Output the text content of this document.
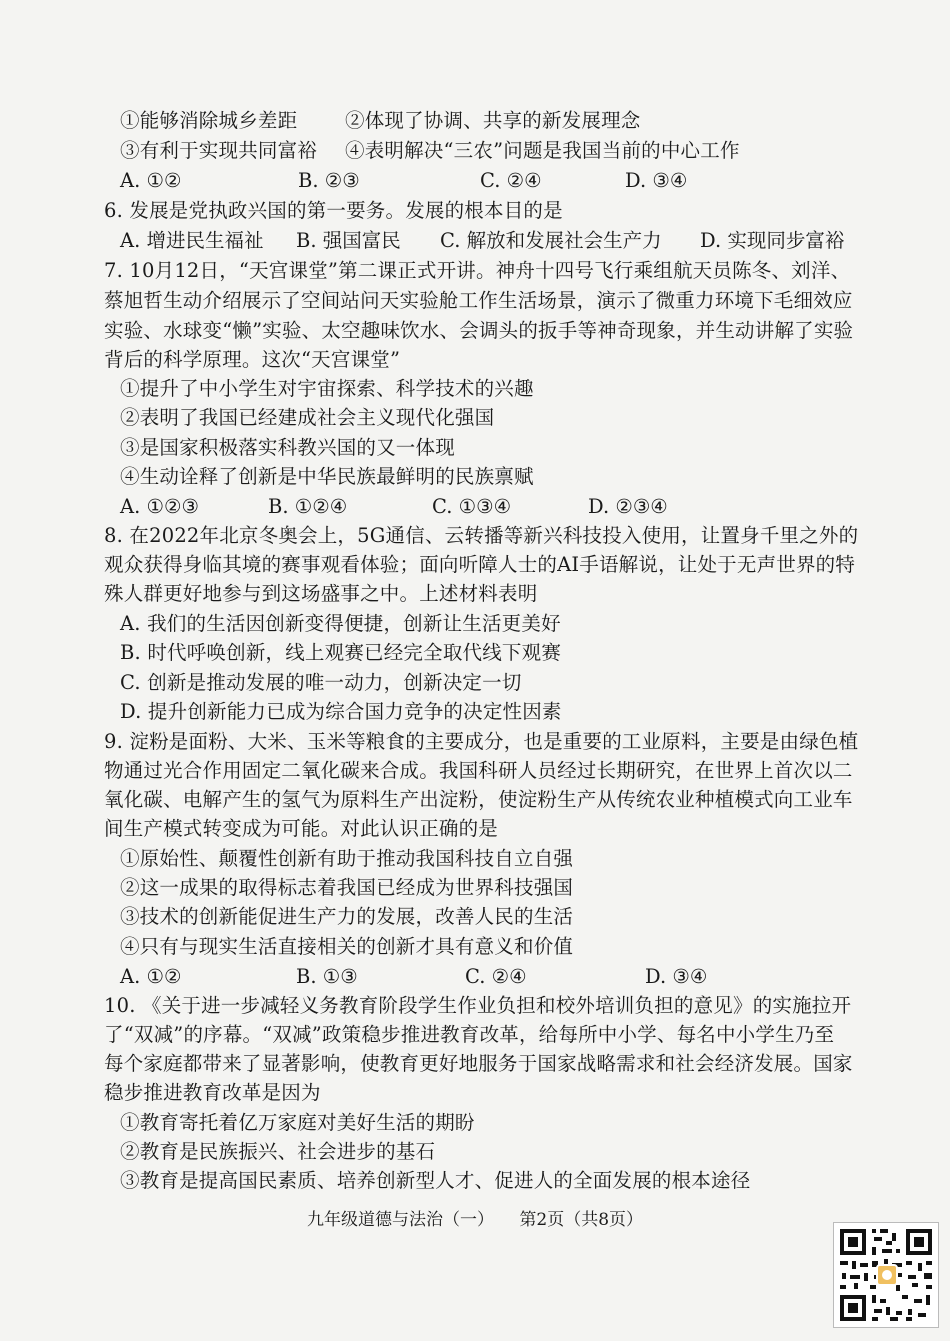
①能够消除城乡差距 ②体现了协调、共享的新发展理念
③有利于实现共同富裕 ④表明解决“三农”问题是我国当前的中心工作
A. ①②	B. ②③	C. ②④	D. ③④
6. 发展是党执政兴国的第一要务。发展的根本目的是
A. 增进民生福祉 B. 强国富民 C. 解放和发展社会生产力 D. 实现同步富裕
7. 10月12日，“天宫课堂”第二课正式开讲。神舟十四号飞行乘组航天员陈冬、刘洋、
蔡旭哲生动介绍展示了空间站问天实验舱工作生活场景，演示了微重力环境下毛细效应
实验、水球变“懒”实验、太空趣味饮水、会调头的扳手等神奇现象，并生动讲解了实验
背后的科学原理。这次“天宫课堂”
①提升了中小学生对宇宙探索、科学技术的兴趣
②表明了我国已经建成社会主义现代化强国
③是国家积极落实科教兴国的又一体现
④生动诠释了创新是中华民族最鲜明的民族禀赋
A. ①②③	B. ①②④	C. ①③④	D. ②③④
8. 在2022年北京冬奥会上，5G通信、云转播等新兴科技投入使用，让置身千里之外的
观众获得身临其境的赛事观看体验；面向听障人士的AI手语解说，让处于无声世界的特
殊人群更好地参与到这场盛事之中。上述材料表明
A. 我们的生活因创新变得便捷，创新让生活更美好
B. 时代呼唤创新，线上观赛已经完全取代线下观赛
C. 创新是推动发展的唯一动力，创新决定一切
D. 提升创新能力已成为综合国力竞争的决定性因素
9. 淀粉是面粉、大米、玉米等粮食的主要成分，也是重要的工业原料，主要是由绿色植
物通过光合作用固定二氧化碳来合成。我国科研人员经过长期研究，在世界上首次以二
氧化碳、电解产生的氢气为原料生产出淀粉，使淀粉生产从传统农业种植模式向工业车
间生产模式转变成为可能。对此认识正确的是
①原始性、颠覆性创新有助于推动我国科技自立自强
②这一成果的取得标志着我国已经成为世界科技强国
③技术的创新能促进生产力的发展，改善人民的生活
④只有与现实生活直接相关的创新才具有意义和价值
A. ①②	B. ①③	C. ②④	D. ③④
10. 《关于进一步减轻义务教育阶段学生作业负担和校外培训负担的意见》的实施拉开
了“双减”的序幕。“双减”政策稳步推进教育改革，给每所中小学、每名中小学生乃至
每个家庭都带来了显著影响，使教育更好地服务于国家战略需求和社会经济发展。国家
稳步推进教育改革是因为
①教育寄托着亿万家庭对美好生活的期盼
②教育是民族振兴、社会进步的基石
③教育是提高国民素质、培养创新型人才、促进人的全面发展的根本途径
九年级道德与法治（一） 第2页（共8页）
